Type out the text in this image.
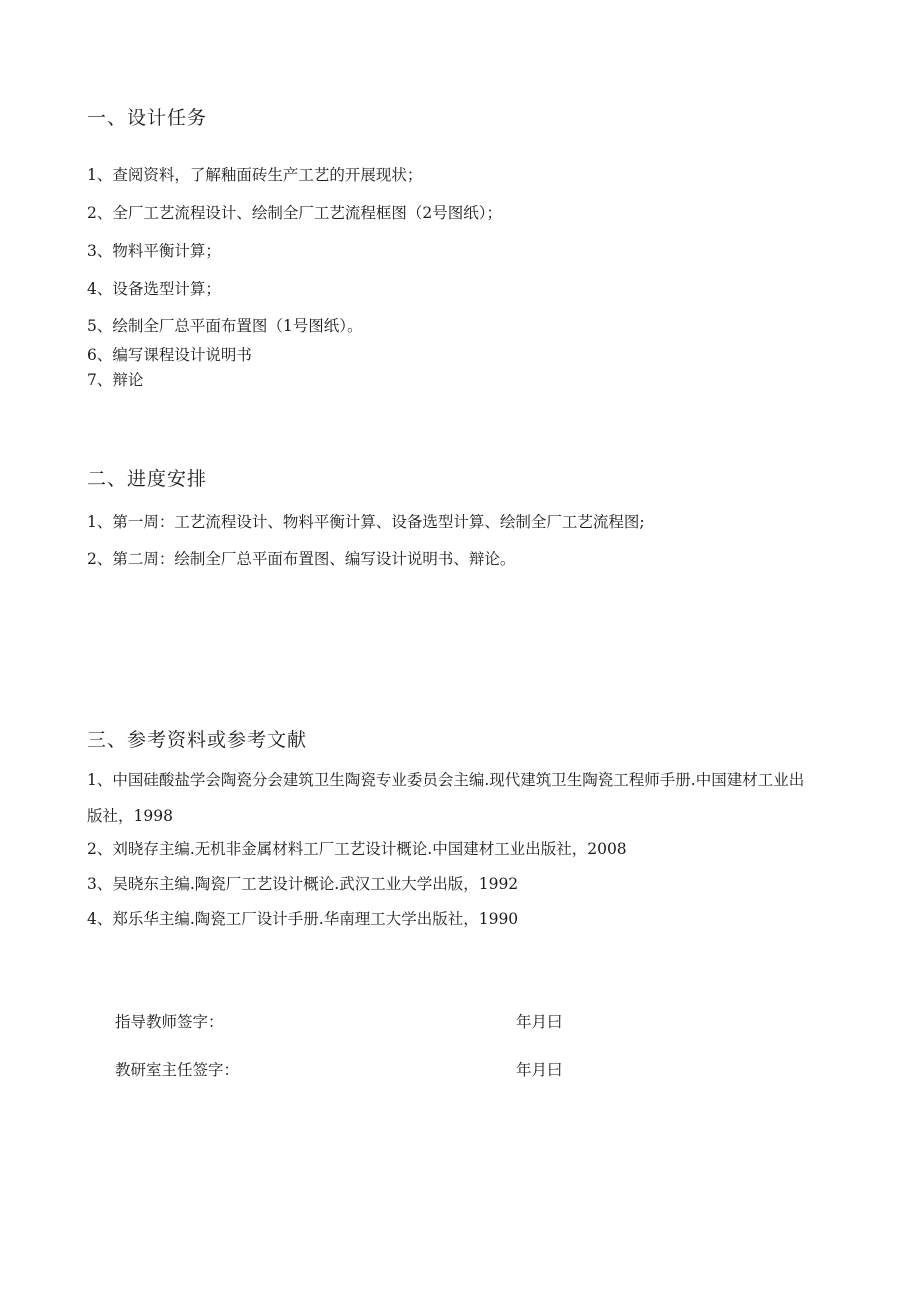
一、设计任务
1、查阅资料，了解釉面砖生产工艺的开展现状；
2、全厂工艺流程设计、绘制全厂工艺流程框图（2号图纸）；
3、物料平衡计算；
4、设备选型计算；
5、绘制全厂总平面布置图（1号图纸）。
6、编写课程设计说明书
7、辩论
二、进度安排
1、第一周：工艺流程设计、物料平衡计算、设备选型计算、绘制全厂工艺流程图;
2、第二周：绘制全厂总平面布置图、编写设计说明书、辩论。
三、参考资料或参考文献
1、中国硅酸盐学会陶瓷分会建筑卫生陶瓷专业委员会主编.现代建筑卫生陶瓷工程师手册.中国建材工业出版社，1998
2、刘晓存主编.无机非金属材料工厂工艺设计概论.中国建材工业出版社，2008
3、吴晓东主编.陶瓷厂工艺设计概论.武汉工业大学出版，1992
4、郑乐华主编.陶瓷工厂设计手册.华南理工大学出版社，1990
指导教师签字：	年月曰
教研室主任签字：	年月曰
